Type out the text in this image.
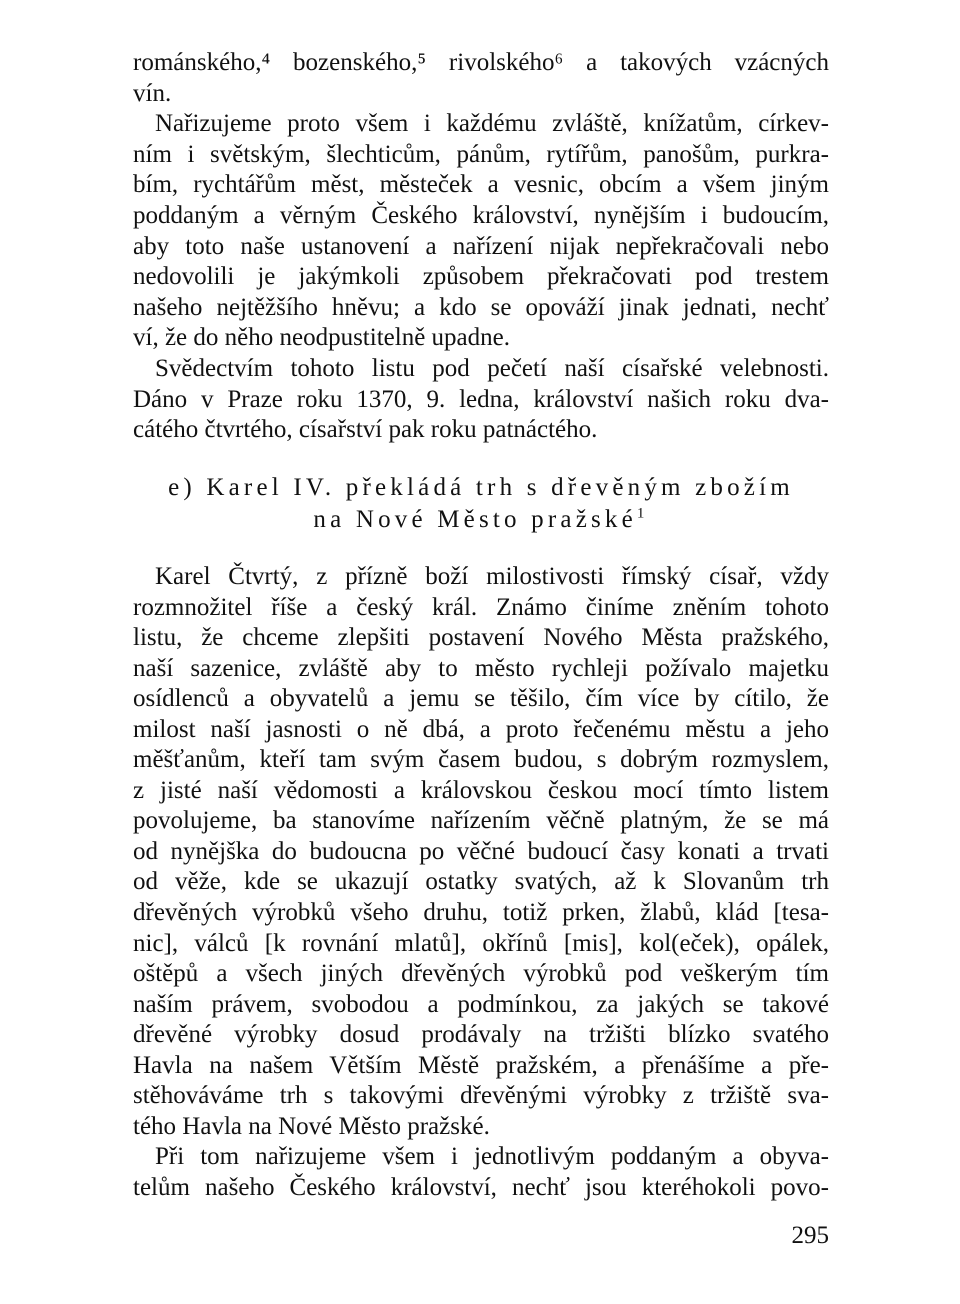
románského,⁴ bozenského,⁵ rivolského⁶ a takových vzácných
vín.

Nařizujeme proto všem i každému zvláště, knížatům, církev-
ním i světským, šlechticům, pánům, rytířům, panošům, purkra-
bím, rychtářům měst, městeček a vesnic, obcím a všem jiným
poddaným a věrným Českého království, nynějším i budoucím,
aby toto naše ustanovení a nařízení nijak nepřekračovali nebo
nedovolili je jakýmkoli způsobem překračovati pod trestem
našeho nejtěžšího hněvu; a kdo se opováží jinak jednati, nechť
ví, že do něho neodpustitelně upadne.

Svědectvím tohoto listu pod pečetí naší císařské velebnosti.
Dáno v Praze roku 1370, 9. ledna, království našich roku dva-
cátého čtvrtého, císařství pak roku patnáctého.

e) Karel IV. překládá trh s dřevěným zbožím
na Nové Město pražské$^1$

Karel Čtvrtý, z přízně boží milostivosti římský císař, vždy
rozmnožitel říše a český král. Známo činíme zněním tohoto
listu, že chceme zlepšiti postavení Nového Města pražského,
naší sazenice, zvláště aby to město rychleji požívalo majetku
osídlenců a obyvatelů a jemu se těšilo, čím více by cítilo, že
milost naší jasnosti o ně dbá, a proto řečenému městu a jeho
měšťanům, kteří tam svým časem budou, s dobrým rozmyslem,
z jisté naší vědomosti a královskou českou mocí tímto listem
povolujeme, ba stanovíme nařízením věčně platným, že se má
od nynějška do budoucna po věčné budoucí časy konati a trvati
od věže, kde se ukazují ostatky svatých, až k Slovanům trh
dřevěných výrobků všeho druhu, totiž prken, žlabů, klád [tesa-
nic], válců [k rovnání mlatů], okřínů [mis], kol(eček), opálek,
oštěpů a všech jiných dřevěných výrobků pod veškerým tím
naším právem, svobodou a podmínkou, za jakých se takové
dřevěné výrobky dosud prodávaly na tržišti blízko svatého
Havla na našem Větším Městě pražském, a přenášíme a pře-
stěhováváme trh s takovými dřevěnými výrobky z tržiště sva-
tého Havla na Nové Město pražské.

Při tom nařizujeme všem i jednotlivým poddaným a obyva-
telům našeho Českého království, nechť jsou kteréhokoli povo-

295
